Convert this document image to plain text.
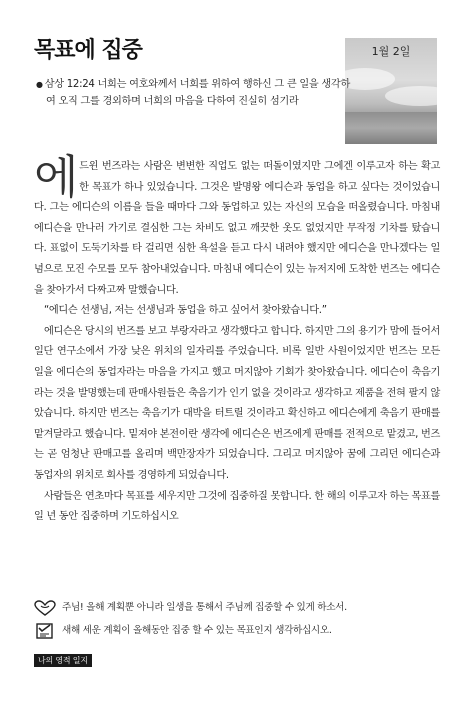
목표에 집중	1월 2일
● 삼상 12:24 너희는 여호와께서 너희를 위하여 행하신 그 큰 일을 생각하여 오직 그를 경외하며 너희의 마음을 다하여 진실히 섬기라

에드윈 번즈라는 사람은 변변한 직업도 없는 떠돌이였지만 그에겐 이루고자 하는 확고한 목표가 하나 있었습니다. 그것은 발명왕 에디슨과 동업을 하고 싶다는 것이었습니다. 그는 에디슨의 이름을 들을 때마다 그와 동업하고 있는 자신의 모습을 떠올렸습니다. 마침내 에디슨을 만나러 가기로 결심한 그는 차비도 없고 깨끗한 옷도 없었지만 무작정 기차를 탔습니다. 표없이 도둑기차를 타 걸리면 심한 욕설을 듣고 다시 내려야 했지만 에디슨을 만나겠다는 일념으로 모진 수모를 모두 참아내었습니다. 마침내 에디슨이 있는 뉴저지에 도착한 번즈는 에디슨을 찾아가서 다짜고짜 말했습니다.

“에디슨 선생님, 저는 선생님과 동업을 하고 싶어서 찾아왔습니다.”

에디슨은 당시의 번즈를 보고 부랑자라고 생각했다고 합니다. 하지만 그의 용기가 맘에 들어서 일단 연구소에서 가장 낮은 위치의 일자리를 주었습니다. 비록 일반 사원이었지만 번즈는 모든 일을 에디슨의 동업자라는 마음을 가지고 했고 머지않아 기회가 찾아왔습니다. 에디슨이 축음기라는 것을 발명했는데 판매사원들은 축음기가 인기 없을 것이라고 생각하고 제품을 전혀 팔지 않았습니다. 하지만 번즈는 축음기가 대박을 터트릴 것이라고 확신하고 에디슨에게 축음기 판매를 맡겨달라고 했습니다. 밑져야 본전이란 생각에 에디슨은 번즈에게 판매를 전적으로 맡겼고, 번즈는 곧 엄청난 판매고를 올리며 백만장자가 되었습니다. 그리고 머지않아 꿈에 그리던 에디슨과 동업자의 위치로 회사를 경영하게 되었습니다.

사람들은 연초마다 목표를 세우지만 그것에 집중하질 못합니다. 한 해의 이루고자 하는 목표를 일 년 동안 집중하며 기도하십시오

주님! 올해 계획뿐 아니라 일생을 통해서 주님께 집중할 수 있게 하소서.
새해 세운 계획이 올해동안 집중 할 수 있는 목표인지 생각하십시오.
나의 영적 일지
